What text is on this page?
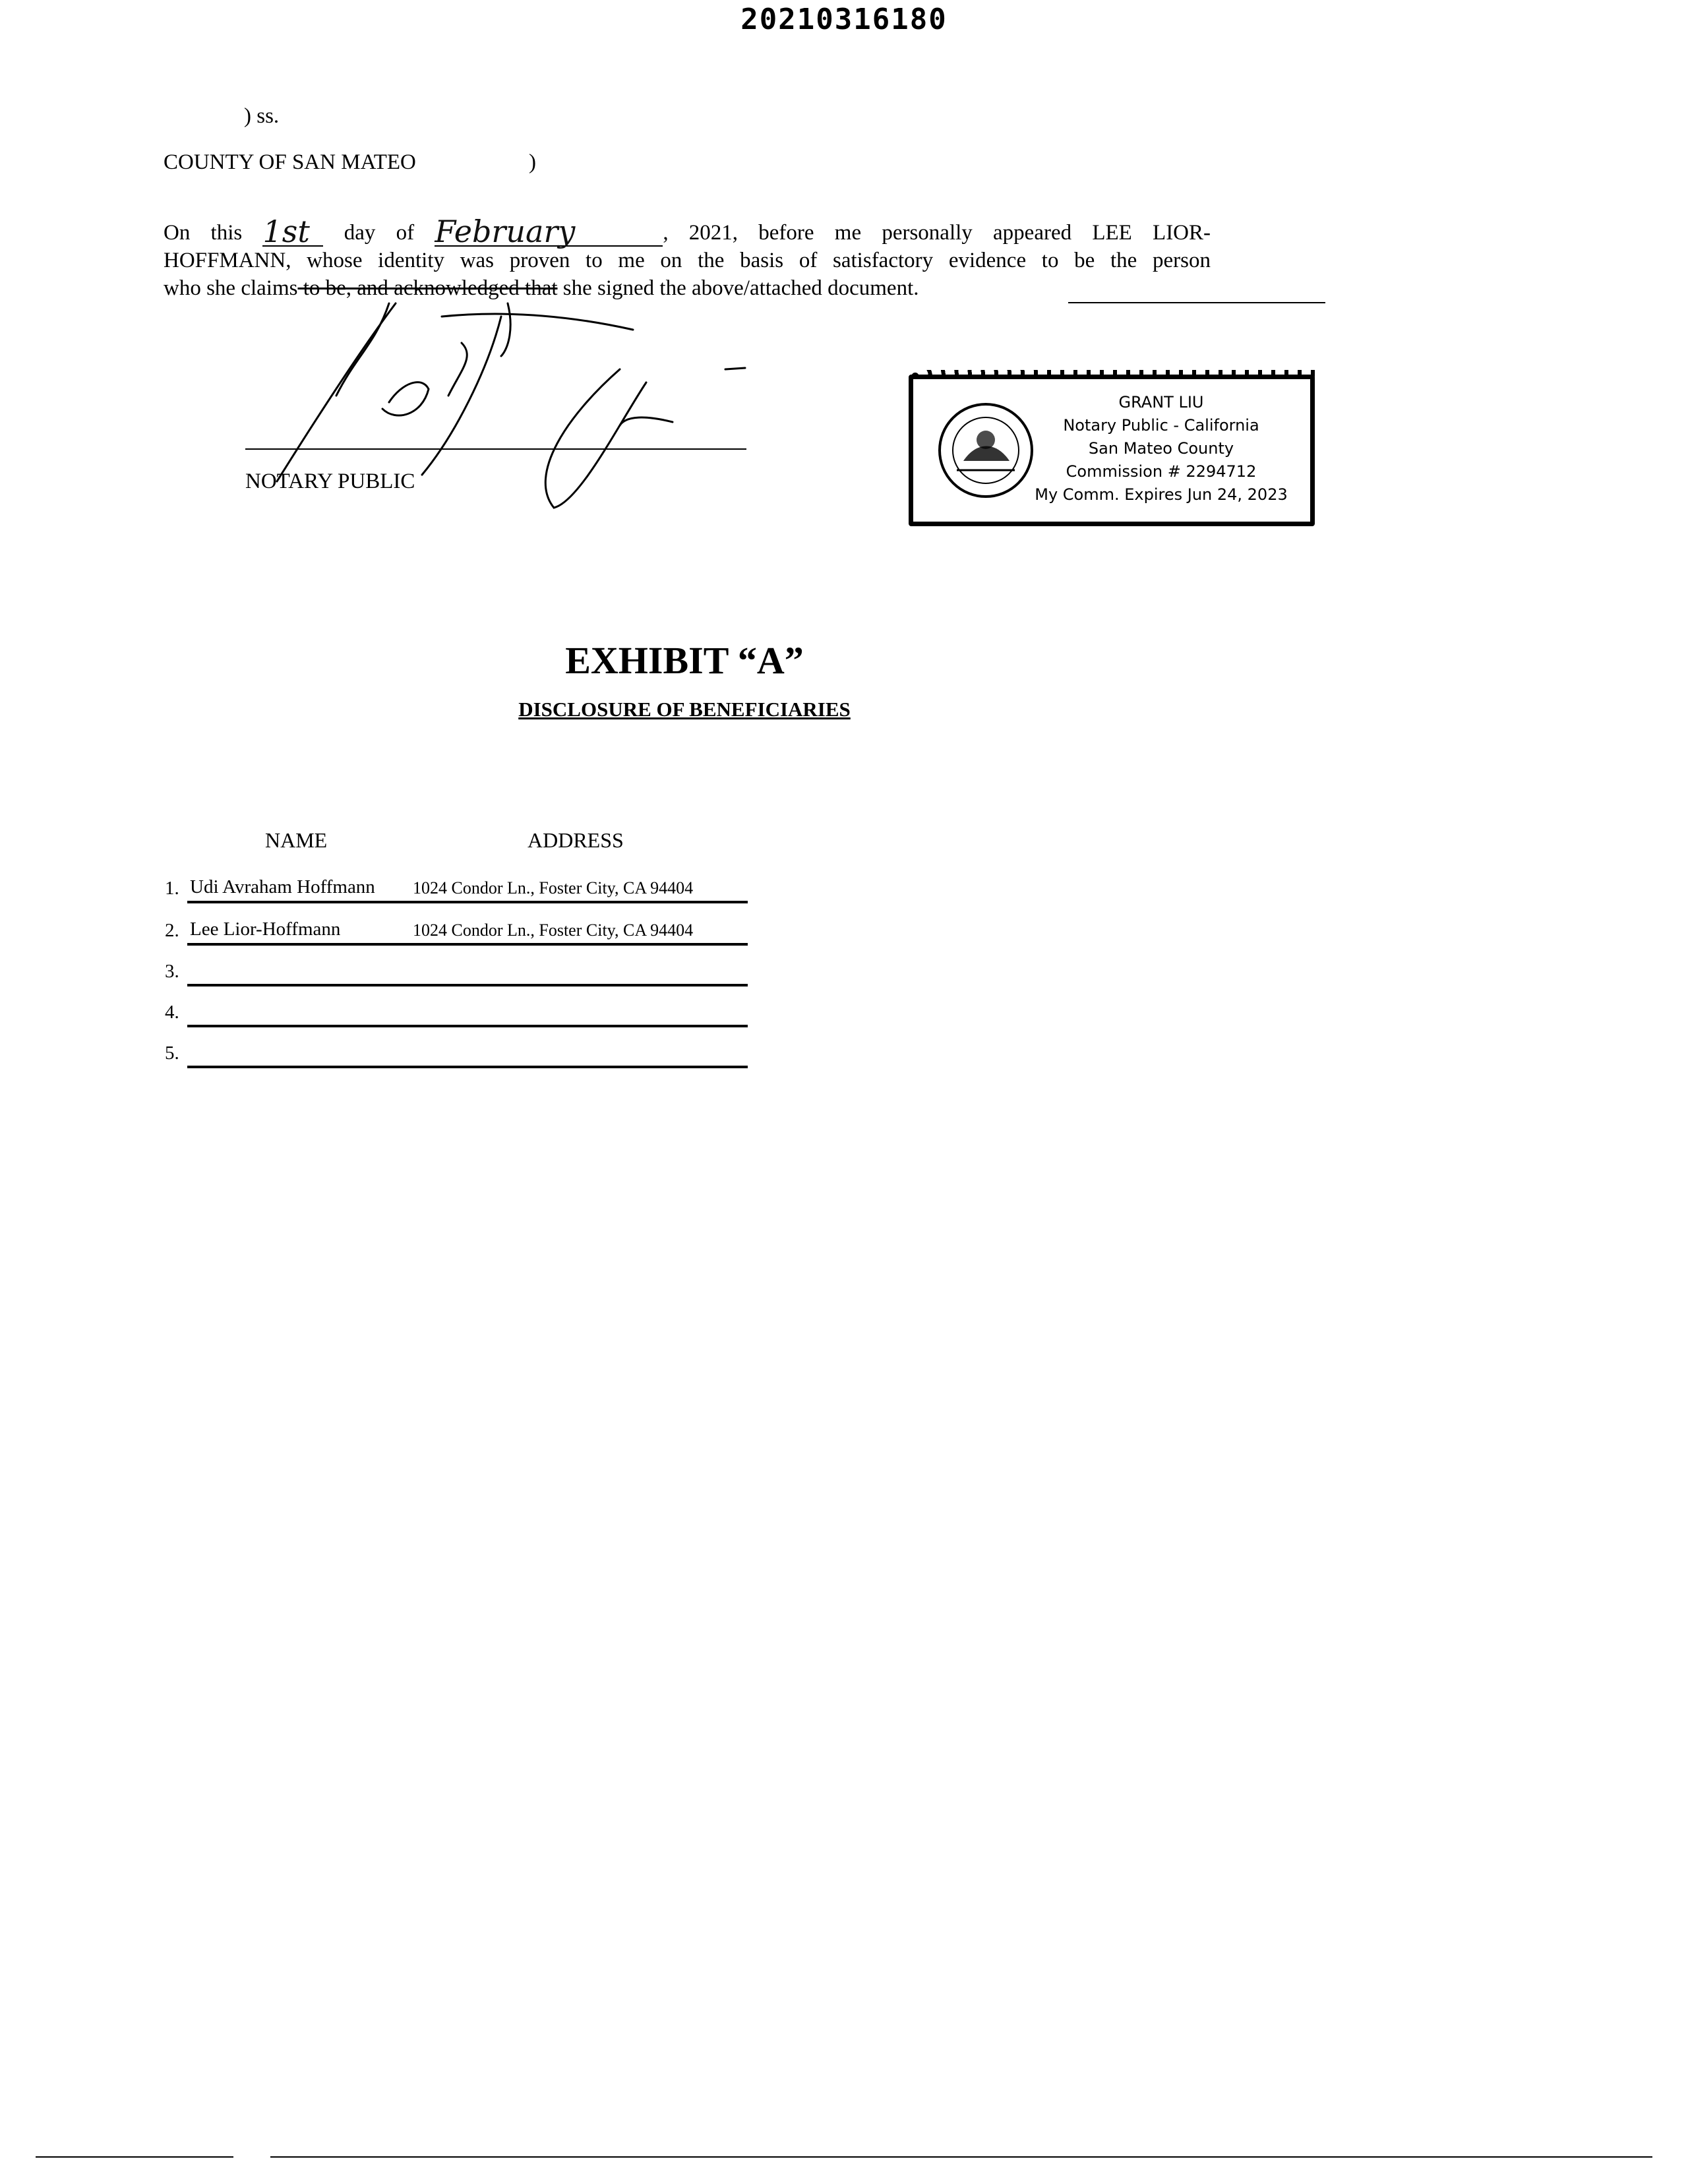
20210316180
) ss.
COUNTY OF SAN MATEO	)
On this 1st day of February	, 2021, before me personally appeared LEE LIOR-
HOFFMANN, whose identity was proven to me on the basis of satisfactory evidence to be the person
who she claims to be, and acknowledged that she signed the above/attached document.
NOTARY PUBLIC
GRANT LIU
Notary Public - California
San Mateo County
Commission # 2294712
My Comm. Expires Jun 24, 2023
EXHIBIT “A”
DISCLOSURE OF BENEFICIARIES
NAME	ADDRESS
1. Udi Avraham Hoffmann 1024 Condor Ln., Foster City, CA 94404
2. Lee Lior-Hoffmann	1024 Condor Ln., Foster City, CA 94404
3.
4.
5.
